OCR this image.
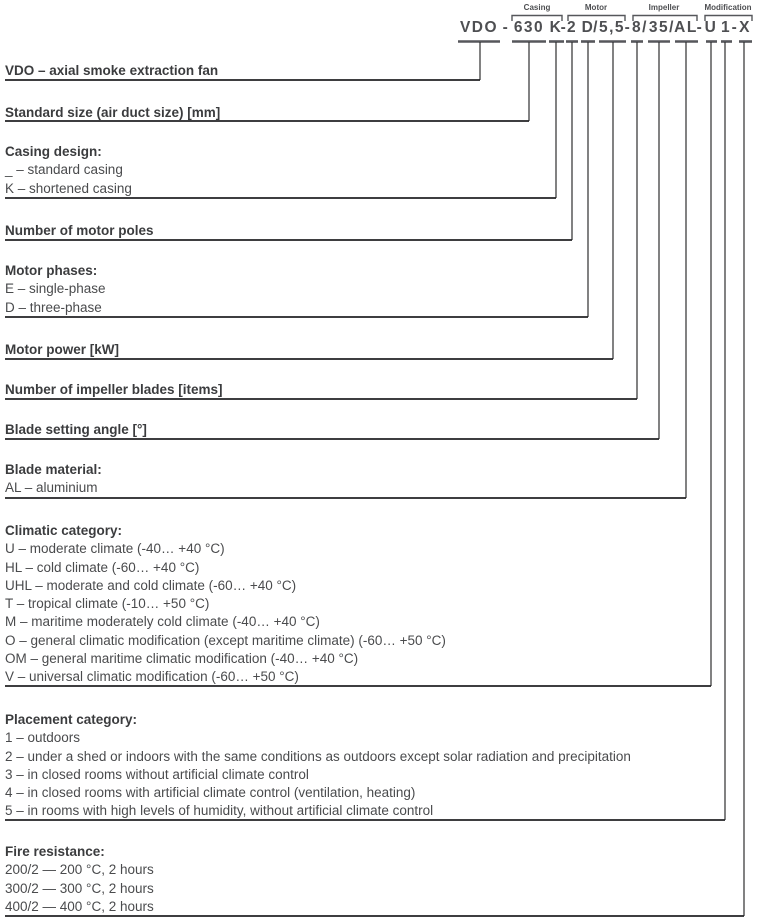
VDO - 630 K
- 2 D
/ 5,5 - 8 / 35 / AL
- U 1 - X
Casing	Motor	Impeller	Modification
VDO – axial smoke extraction fan
Standard size (air duct size) [mm]
Casing design:
_ – standard casing
K – shortened casing
Number of motor poles
Motor phases:
E – single-phase
D – three-phase
Motor power [kW]
Number of impeller blades [items]
Blade setting angle [°]
Blade material:
AL – aluminium
Climatic category:
U – moderate climate (-40… +40 °C)
HL – cold climate (-60… +40 °C)
UHL – moderate and cold climate (-60… +40 °C)
T – tropical climate (-10… +50 °C)
M – maritime moderately cold climate (-40… +40 °C)
O – general climatic modification (except maritime climate) (-60… +50 °C)
OM – general maritime climatic modification (-40… +40 °C)
V – universal climatic modification (-60… +50 °C)
Placement category:
1 – outdoors
2 – under a shed or indoors with the same conditions as outdoors except solar radiation and precipitation
3 – in closed rooms without artificial climate control
4 – in closed rooms with artificial climate control (ventilation, heating)
5 – in rooms with high levels of humidity, without artificial climate control
Fire resistance:
200/2 — 200 °C, 2 hours
300/2 — 300 °C, 2 hours
400/2 — 400 °C, 2 hours
